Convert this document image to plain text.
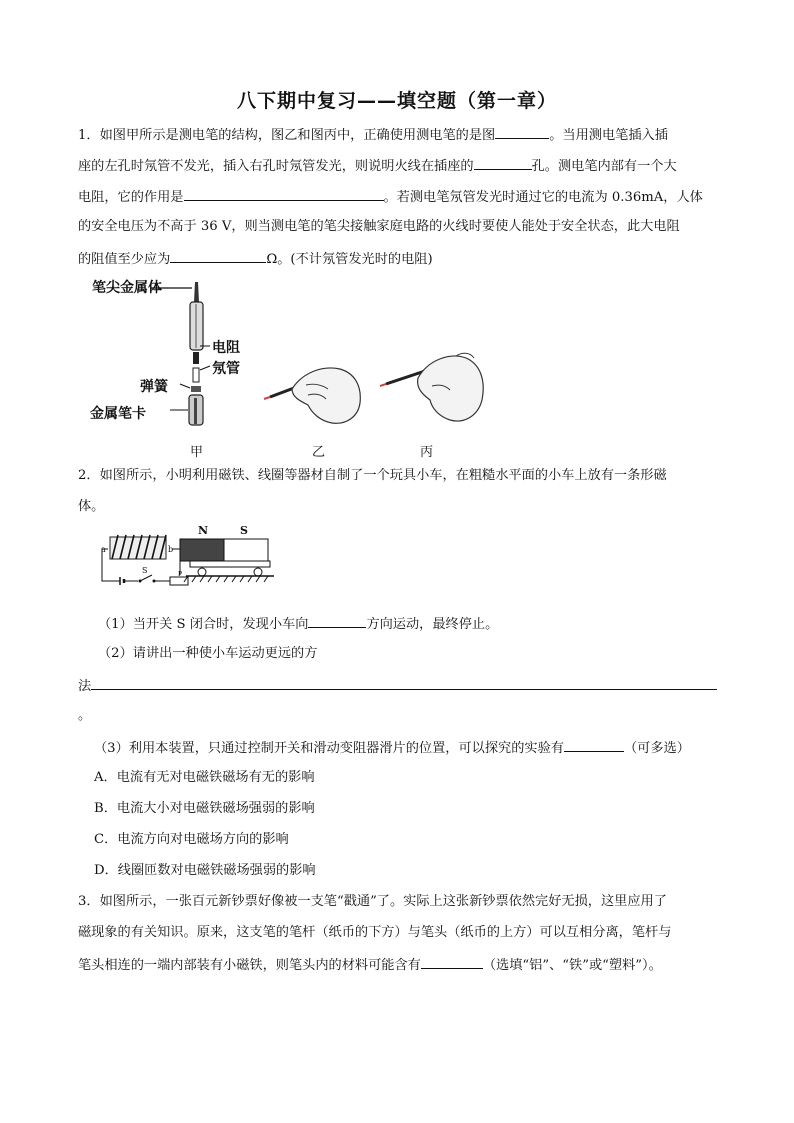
八下期中复习——填空题（第一章）
1．如图甲所示是测电笔的结构，图乙和图丙中，正确使用测电笔的是图	。当用测电笔插入插
座的左孔时氖管不发光，插入右孔时氖管发光，则说明火线在插座的	孔。测电笔内部有一个大
电阻，它的作用是	。若测电笔氖管发光时通过它的电流为 0.36mA，人体
的安全电压为不高于 36 V，则当测电笔的笔尖接触家庭电路的火线时要使人能处于安全状态，此大电阻
的阻值至少应为	Ω。(不计氖管发光时的电阻)
笔尖金属体
电阻
氖管
弹簧
金属笔卡
甲	乙	丙
2．如图所示，小明利用磁铁、线圈等器材自制了一个玩具小车，在粗糙水平面的小车上放有一条形磁
体。
a	b
S	P
N	S
（1）当开关 S 闭合时，发现小车向	方向运动，最终停止。
（2）请讲出一种使小车运动更远的方
法
。
（3）利用本装置，只通过控制开关和滑动变阻器滑片的位置，可以探究的实验有	（可多选）
A．电流有无对电磁铁磁场有无的影响
B．电流大小对电磁铁磁场强弱的影响
C．电流方向对电磁场方向的影响
D．线圈匝数对电磁铁磁场强弱的影响
3．如图所示，一张百元新钞票好像被一支笔“戳通”了。实际上这张新钞票依然完好无损，这里应用了
磁现象的有关知识。原来，这支笔的笔杆（纸币的下方）与笔头（纸币的上方）可以互相分离，笔杆与
笔头相连的一端内部装有小磁铁，则笔头内的材料可能含有	（选填“铝”、“铁”或“塑料”）。
